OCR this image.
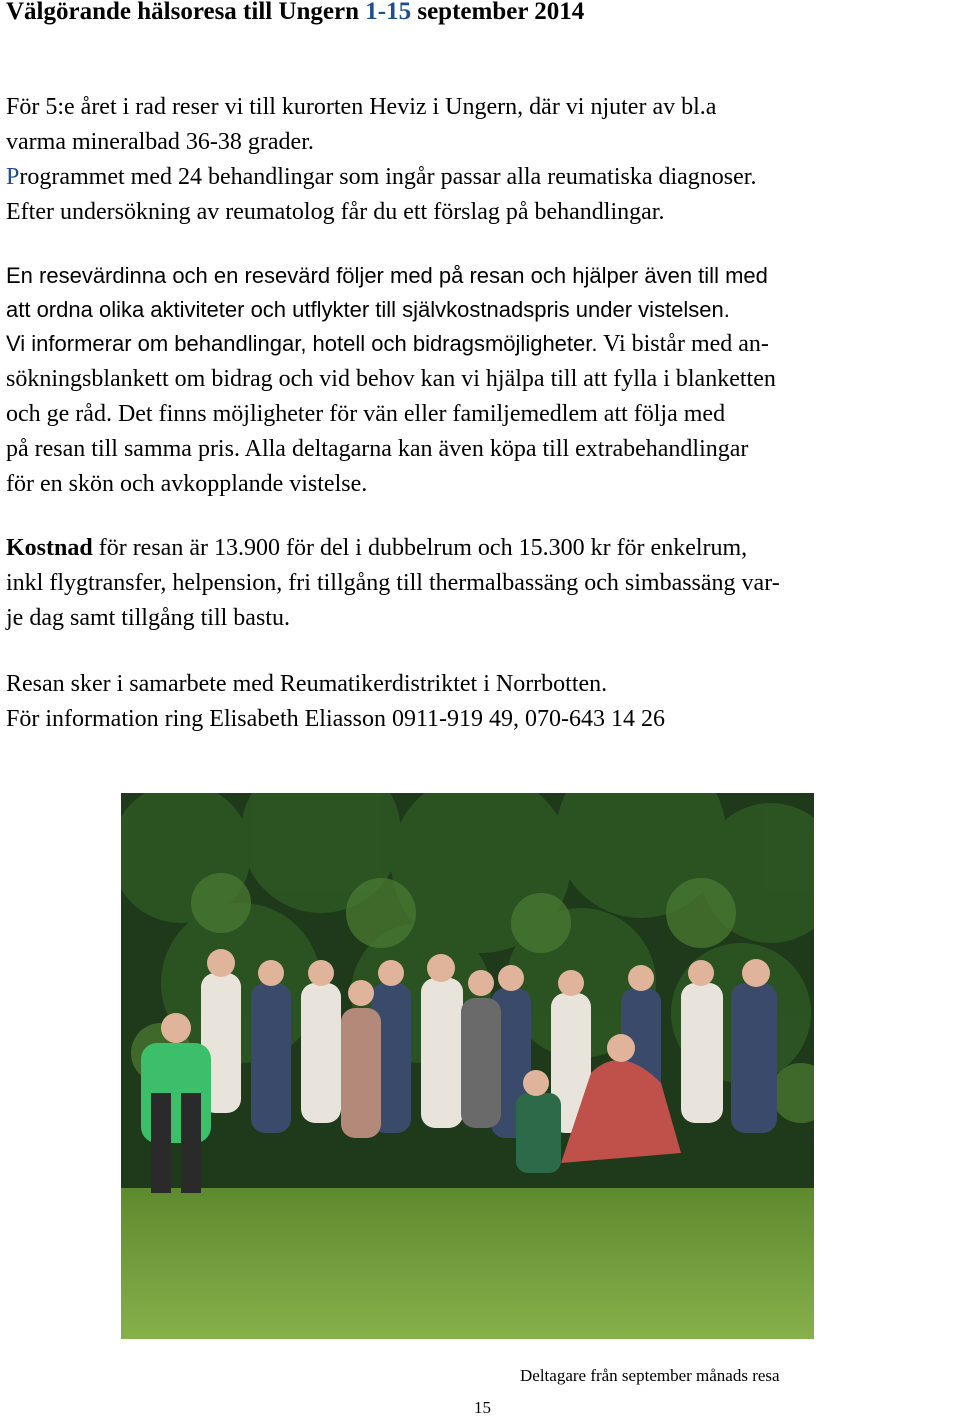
Välgörande hälsoresa till Ungern 1-15 september 2014
För 5:e året i rad reser vi till kurorten Heviz i Ungern, där vi njuter av bl.a
varma mineralbad 36-38 grader.
Programmet med 24 behandlingar som ingår passar alla reumatiska diagnoser.
Efter undersökning av reumatolog får du ett förslag på behandlingar.
En resevärdinna och en resevärd följer med på resan och hjälper även till med
att ordna olika aktiviteter och utflykter till självkostnadspris under vistelsen.
Vi informerar om behandlingar, hotell och bidragsmöjligheter. Vi bistår med an-
sökningsblankett om bidrag och vid behov kan vi hjälpa till att fylla i blanketten
och ge råd. Det finns möjligheter för vän eller familjemedlem att följa med
på resan till samma pris. Alla deltagarna kan även köpa till extrabehandlingar
för en skön och avkopplande vistelse.
Kostnad för resan är 13.900 för del i dubbelrum och 15.300 kr för enkelrum,
inkl flygtransfer, helpension, fri tillgång till thermalbassäng och simbassäng var-
je dag samt tillgång till bastu.
Resan sker i samarbete med Reumatikerdistriktet i Norrbotten.
För information ring Elisabeth Eliasson 0911-919 49, 070-643 14 26
Deltagare från september månads resa
15
